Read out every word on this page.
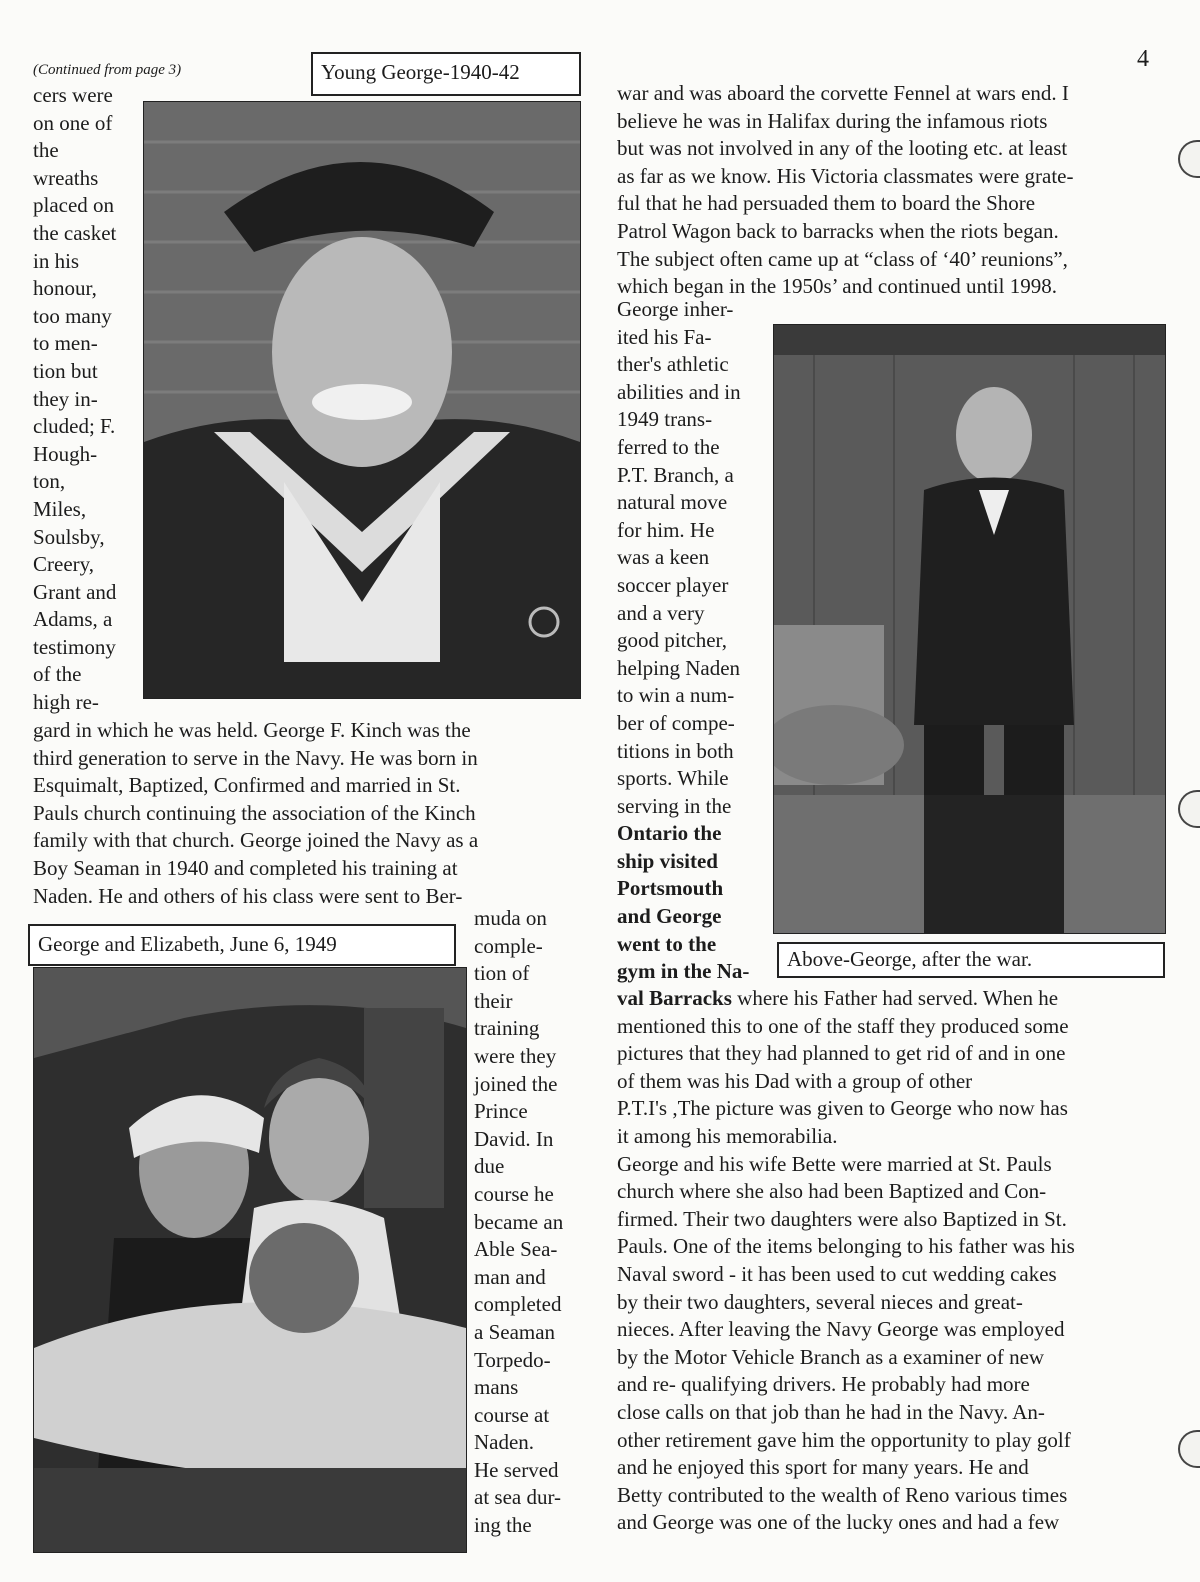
4
(Continued from page 3)	Young George-1940-42
cers were
on one of
the
wreaths
placed on
the casket
in his
honour,
too many
to men-
tion but
they in-
cluded; F.
Hough-
ton,
Miles,
Soulsby,
Creery,
Grant and
Adams, a
testimony
of the
high re-
gard in which he was held. George F. Kinch was the
third generation to serve in the Navy. He was born in
Esquimalt, Baptized, Confirmed and married in St.
Pauls church continuing the association of the Kinch
family with that church. George joined the Navy as a
Boy Seaman in 1940 and completed his training at
Naden. He and others of his class were sent to Ber-
George and Elizabeth, June 6, 1949
muda on
comple-
tion of
their
training
were they
joined the
Prince
David. In
due
course he
became an
Able Sea-
man and
completed
a Seaman
Torpedo-
mans
course at
Naden.
He served
at sea dur-
ing the
war and was aboard the corvette Fennel at wars end. I
believe he was in Halifax during the infamous riots
but was not involved in any of the looting etc. at least
as far as we know. His Victoria classmates were grate-
ful that he had persuaded them to board the Shore
Patrol Wagon back to barracks when the riots began.
The subject often came up at “class of ‘40’ reunions”,
which began in the 1950s’ and continued until 1998.
Above-George, after the war.
George inher-
ited his Fa-
ther's athletic
abilities and in
1949 trans-
ferred to the
P.T. Branch, a
natural move
for him. He
was a keen
soccer player
and a very
good pitcher,
helping Naden
to win a num-
ber of compe-
titions in both
sports. While
serving in the
Ontario the
ship visited
Portsmouth
and George
went to the
gym in the Na-
val Barracks where his Father had served. When he
mentioned this to one of the staff they produced some
pictures that they had planned to get rid of and in one
of them was his Dad with a group of other
P.T.I's ,The picture was given to George who now has
it among his memorabilia.
George and his wife Bette were married at St. Pauls
church where she also had been Baptized and Con-
firmed. Their two daughters were also Baptized in St.
Pauls. One of the items belonging to his father was his
Naval sword - it has been used to cut wedding cakes
by their two daughters, several nieces and great-
nieces. After leaving the Navy George was employed
by the Motor Vehicle Branch as a examiner of new
and re- qualifying drivers. He probably had more
close calls on that job than he had in the Navy. An-
other retirement gave him the opportunity to play golf
and he enjoyed this sport for many years. He and
Betty contributed to the wealth of Reno various times
and George was one of the lucky ones and had a few
